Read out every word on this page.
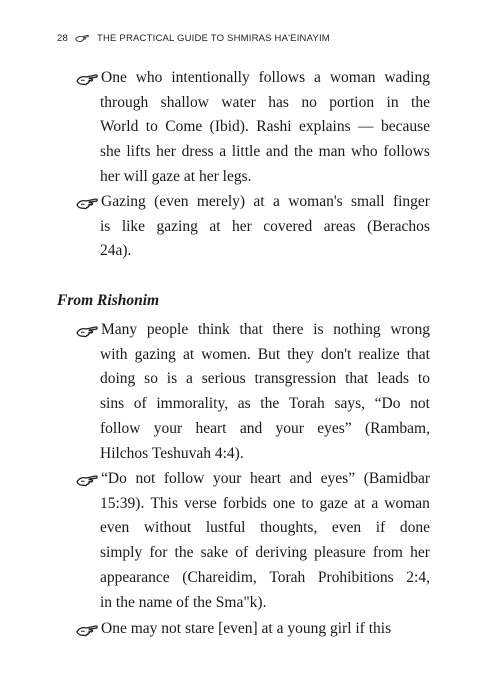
28	THE PRACTICAL GUIDE TO SHMIRAS HA'EINAYIM
One who intentionally follows a woman wading
through shallow water has no portion in the
World to Come (Ibid). Rashi explains — because
she lifts her dress a little and the man who follows
her will gaze at her legs.
Gazing (even merely) at a woman's small finger
is like gazing at her covered areas (Berachos
24a).
Many people think that there is nothing wrong
with gazing at women. But they don't realize that
doing so is a serious transgression that leads to
sins of immorality, as the Torah says, “Do not
follow your heart and your eyes” (Rambam,
Hilchos Teshuvah 4:4).
“Do not follow your heart and eyes” (Bamidbar
15:39). This verse forbids one to gaze at a woman
even without lustful thoughts, even if done
simply for the sake of deriving pleasure from her
appearance (Chareidim, Torah Prohibitions 2:4,
in the name of the Sma"k).
One may not stare [even] at a young girl if this
From Rishonim
